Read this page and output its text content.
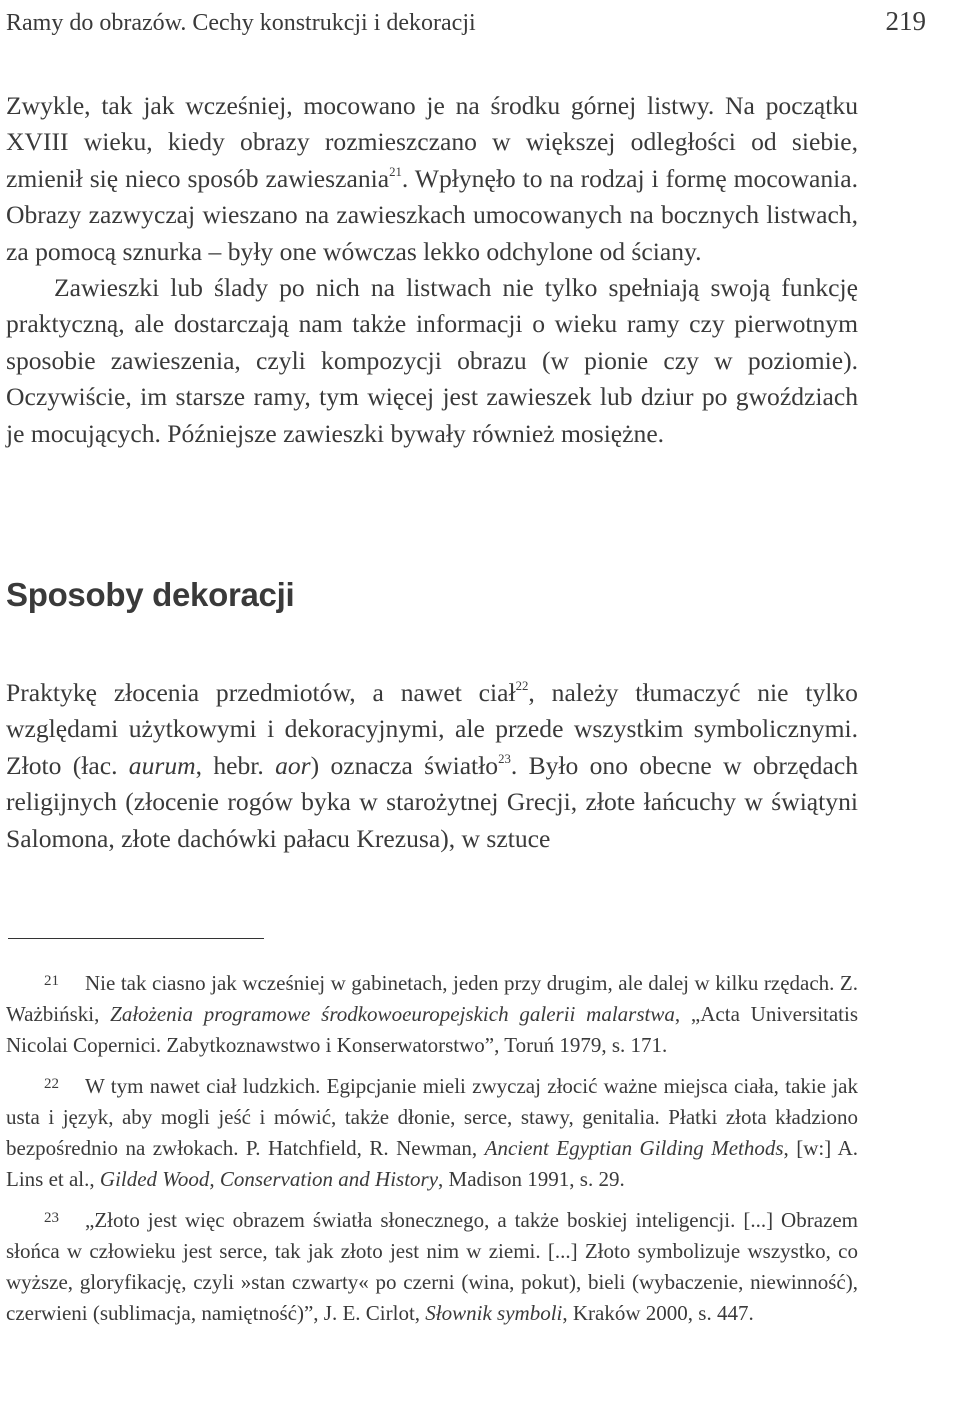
Ramy do obrazów. Cechy konstrukcji i dekoracji	219

Zwykle, tak jak wcześniej, mocowano je na środku górnej listwy. Na początku XVIII wieku, kiedy obrazy rozmieszczano w większej odległości od siebie, zmienił się nieco sposób zawieszania$^{21}$. Wpłynęło to na rodzaj i formę mocowania. Obrazy zazwyczaj wieszano na zawieszkach umocowanych na bocznych listwach, za pomocą sznurka – były one wówczas lekko odchylone od ściany.

Zawieszki lub ślady po nich na listwach nie tylko spełniają swoją funkcję praktyczną, ale dostarczają nam także informacji o wieku ramy czy pierwotnym sposobie zawieszenia, czyli kompozycji obrazu (w pionie czy w poziomie). Oczywiście, im starsze ramy, tym więcej jest zawieszek lub dziur po gwoździach je mocujących. Późniejsze zawieszki bywały również mosiężne.

Sposoby dekoracji

Praktykę złocenia przedmiotów, a nawet ciał$^{22}$, należy tłumaczyć nie tylko względami użytkowymi i dekoracyjnymi, ale przede wszystkim symbolicznymi. Złoto (łac. aurum, hebr. aor) oznacza światło$^{23}$. Było ono obecne w obrzędach religijnych (złocenie rogów byka w starożytnej Grecji, złote łańcuchy w świątyni Salomona, złote dachówki pałacu Krezusa), w sztuce

$^{21}$ Nie tak ciasno jak wcześniej w gabinetach, jeden przy drugim, ale dalej w kilku rzędach. Z. Ważbiński, Założenia programowe środkowoeuropejskich galerii malarstwa, „Acta Universitatis Nicolai Copernici. Zabytkoznawstwo i Konserwatorstwo”, Toruń 1979, s. 171.

$^{22}$ W tym nawet ciał ludzkich. Egipcjanie mieli zwyczaj złocić ważne miejsca ciała, takie jak usta i język, aby mogli jeść i mówić, także dłonie, serce, stawy, genitalia. Płatki złota kładziono bezpośrednio na zwłokach. P. Hatchfield, R. Newman, Ancient Egyptian Gilding Methods, [w:] A. Lins et al., Gilded Wood, Conservation and History, Madison 1991, s. 29.

$^{23}$ „Złoto jest więc obrazem światła słonecznego, a także boskiej inteligencji. [...] Obrazem słońca w człowieku jest serce, tak jak złoto jest nim w ziemi. [...] Złoto symbolizuje wszystko, co wyższe, gloryfikację, czyli »stan czwarty« po czerni (wina, pokut), bieli (wybaczenie, niewinność), czerwieni (sublimacja, namiętność)”, J. E. Cirlot, Słownik symboli, Kraków 2000, s. 447.
